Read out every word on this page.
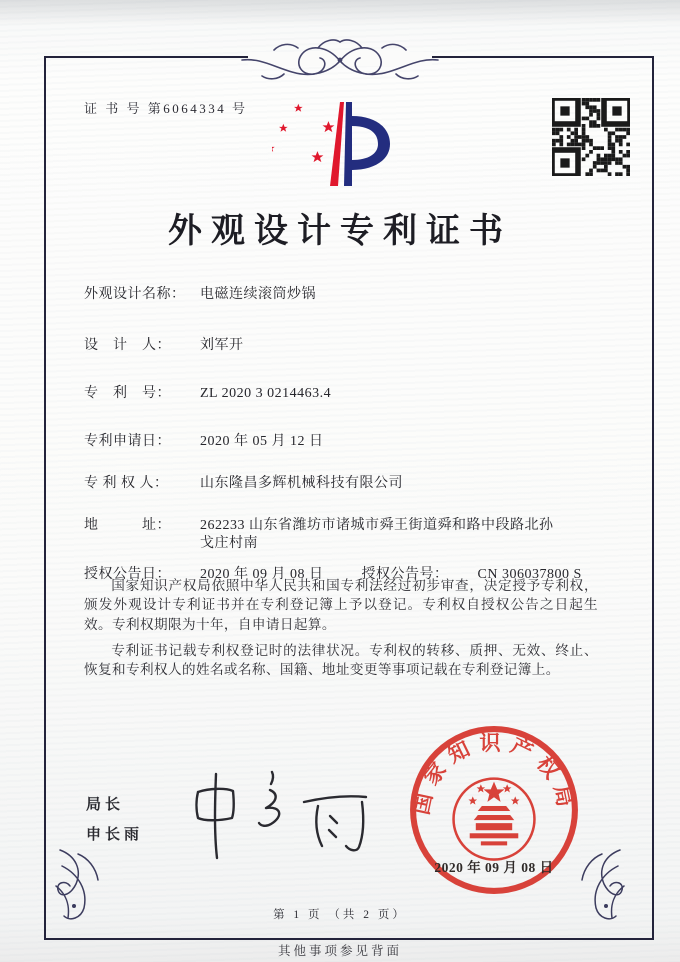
证 书 号 第6064334 号
外观设计专利证书
外观设计名称：	电磁连续滚筒炒锅
设　计　人：	刘军开
专　利　号：	ZL 2020 3 0214463.4
专利申请日：	2020 年 05 月 12 日
专 利 权 人：	山东隆昌多辉机械科技有限公司
地　　　址：	262233 山东省潍坊市诸城市舜王街道舜和路中段路北孙
戈庄村南
授权公告日：	2020 年 09 月 08 日	授权公告号：	CN 306037800 S

国家知识产权局依照中华人民共和国专利法经过初步审查，决定授予专利权，颁发外观设计专利证书并在专利登记簿上予以登记。专利权自授权公告之日起生效。专利权期限为十年，自申请日起算。

专利证书记载专利权登记时的法律状况。专利权的转移、质押、无效、终止、恢复和专利权人的姓名或名称、国籍、地址变更等事项记载在专利登记簿上。

局长
申长雨
国家知识产权局
2020 年 09 月 08 日
第 1 页 （共 2 页）
其他事项参见背面
